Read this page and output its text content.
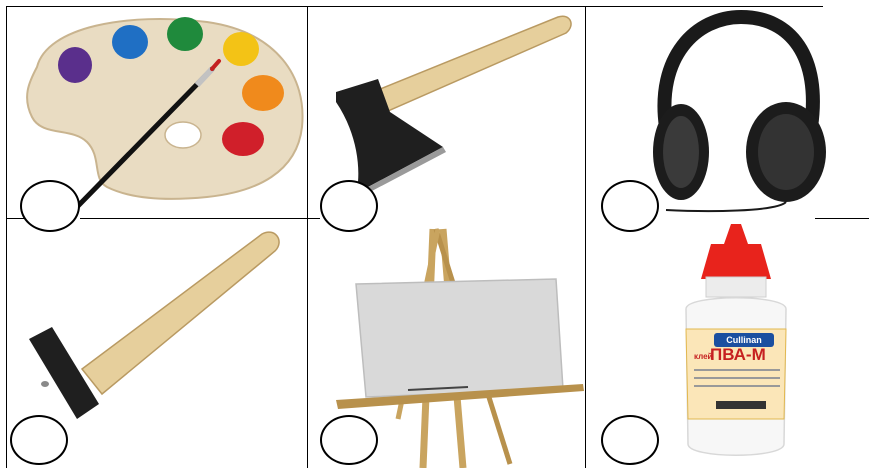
Cullinan
клей
ПВА-М
